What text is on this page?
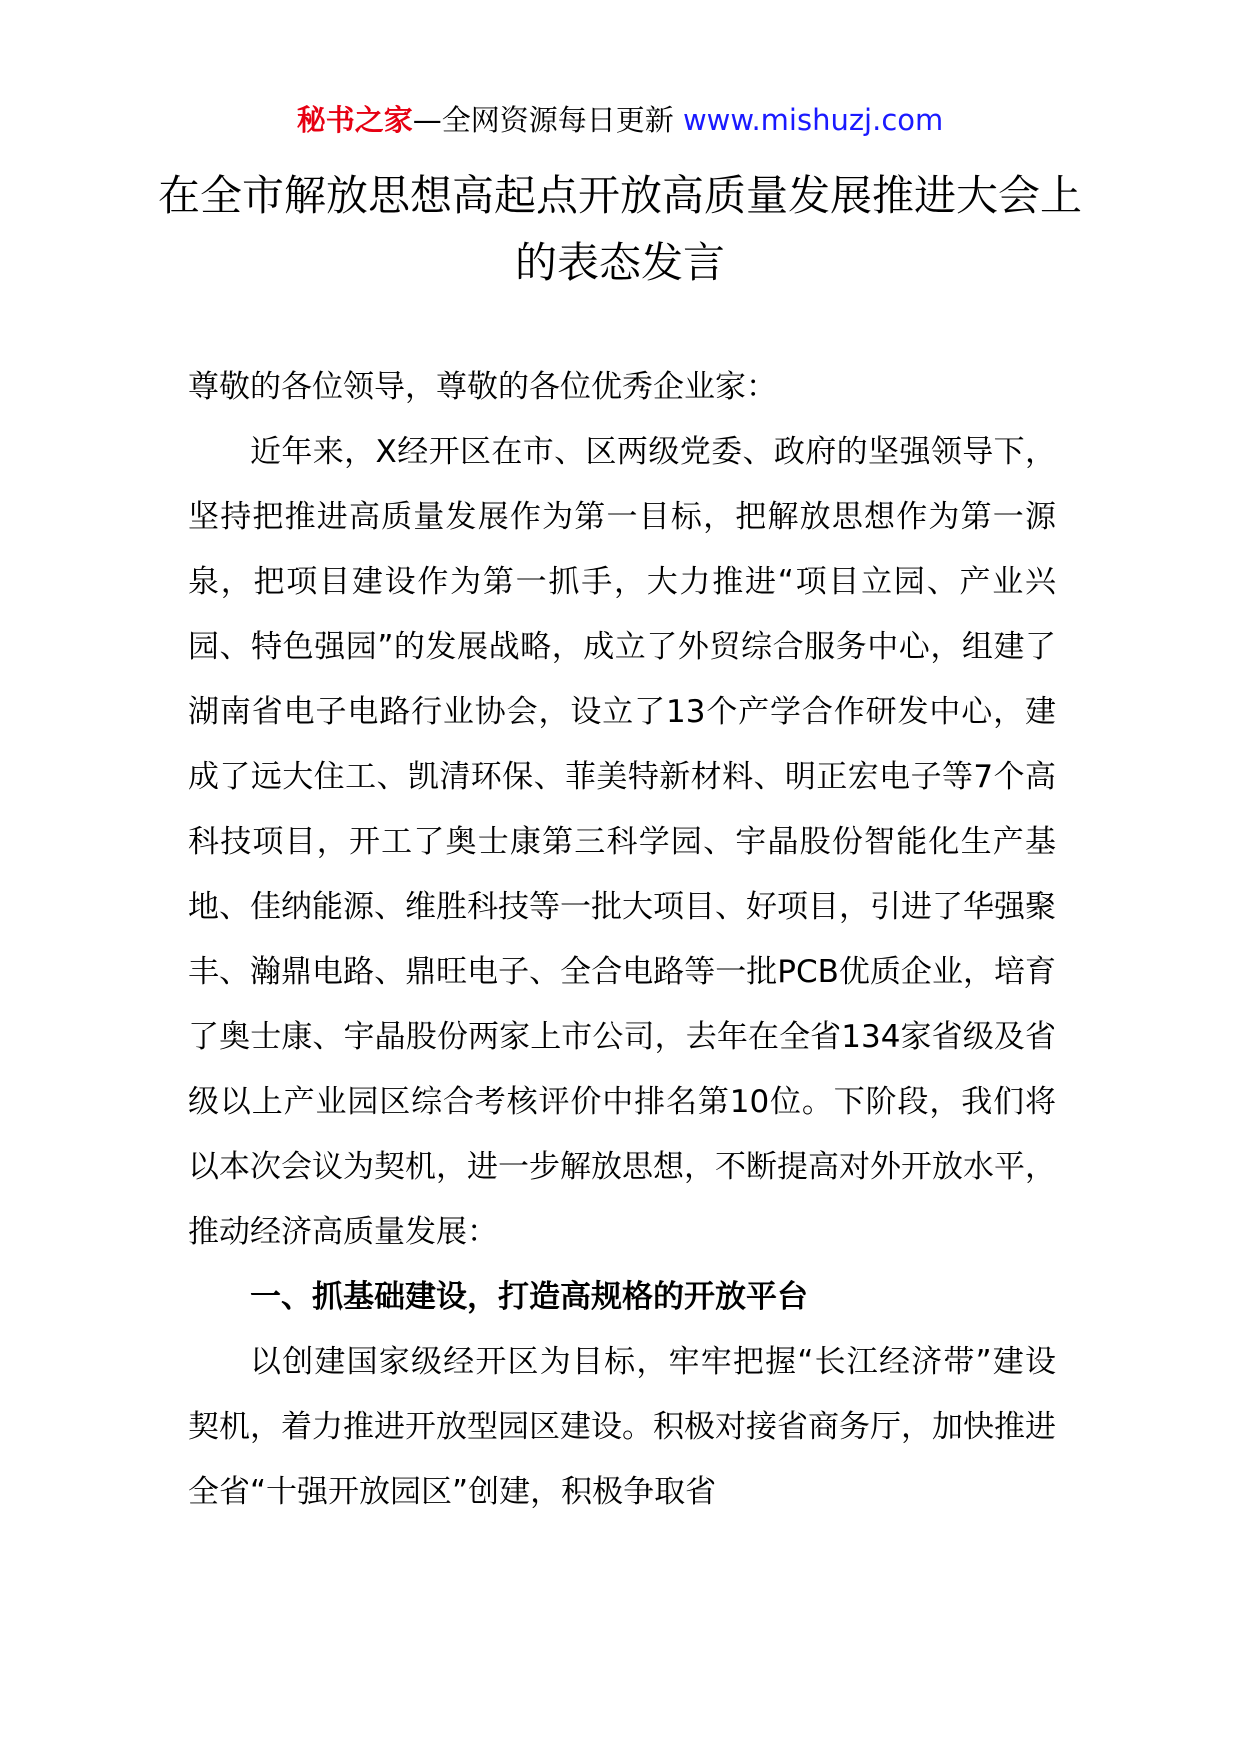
秘书之家—全网资源每日更新 www.mishuzj.com
在全市解放思想高起点开放高质量发展推进大会上的表态发言

尊敬的各位领导，尊敬的各位优秀企业家：

近年来，X经开区在市、区两级党委、政府的坚强领导下，坚持把推进高质量发展作为第一目标，把解放思想作为第一源泉，把项目建设作为第一抓手，大力推进“项目立园、产业兴园、特色强园”的发展战略，成立了外贸综合服务中心，组建了湖南省电子电路行业协会，设立了13个产学合作研发中心，建成了远大住工、凯清环保、菲美特新材料、明正宏电子等7个高科技项目，开工了奥士康第三科学园、宇晶股份智能化生产基地、佳纳能源、维胜科技等一批大项目、好项目，引进了华强聚丰、瀚鼎电路、鼎旺电子、全合电路等一批PCB优质企业，培育了奥士康、宇晶股份两家上市公司，去年在全省134家省级及省级以上产业园区综合考核评价中排名第10位。下阶段，我们将以本次会议为契机，进一步解放思想，不断提高对外开放水平，推动经济高质量发展：

一、抓基础建设，打造高规格的开放平台

以创建国家级经开区为目标，牢牢把握“长江经济带”建设契机，着力推进开放型园区建设。积极对接省商务厅，加快推进全省“十强开放园区”创建，积极争取省
